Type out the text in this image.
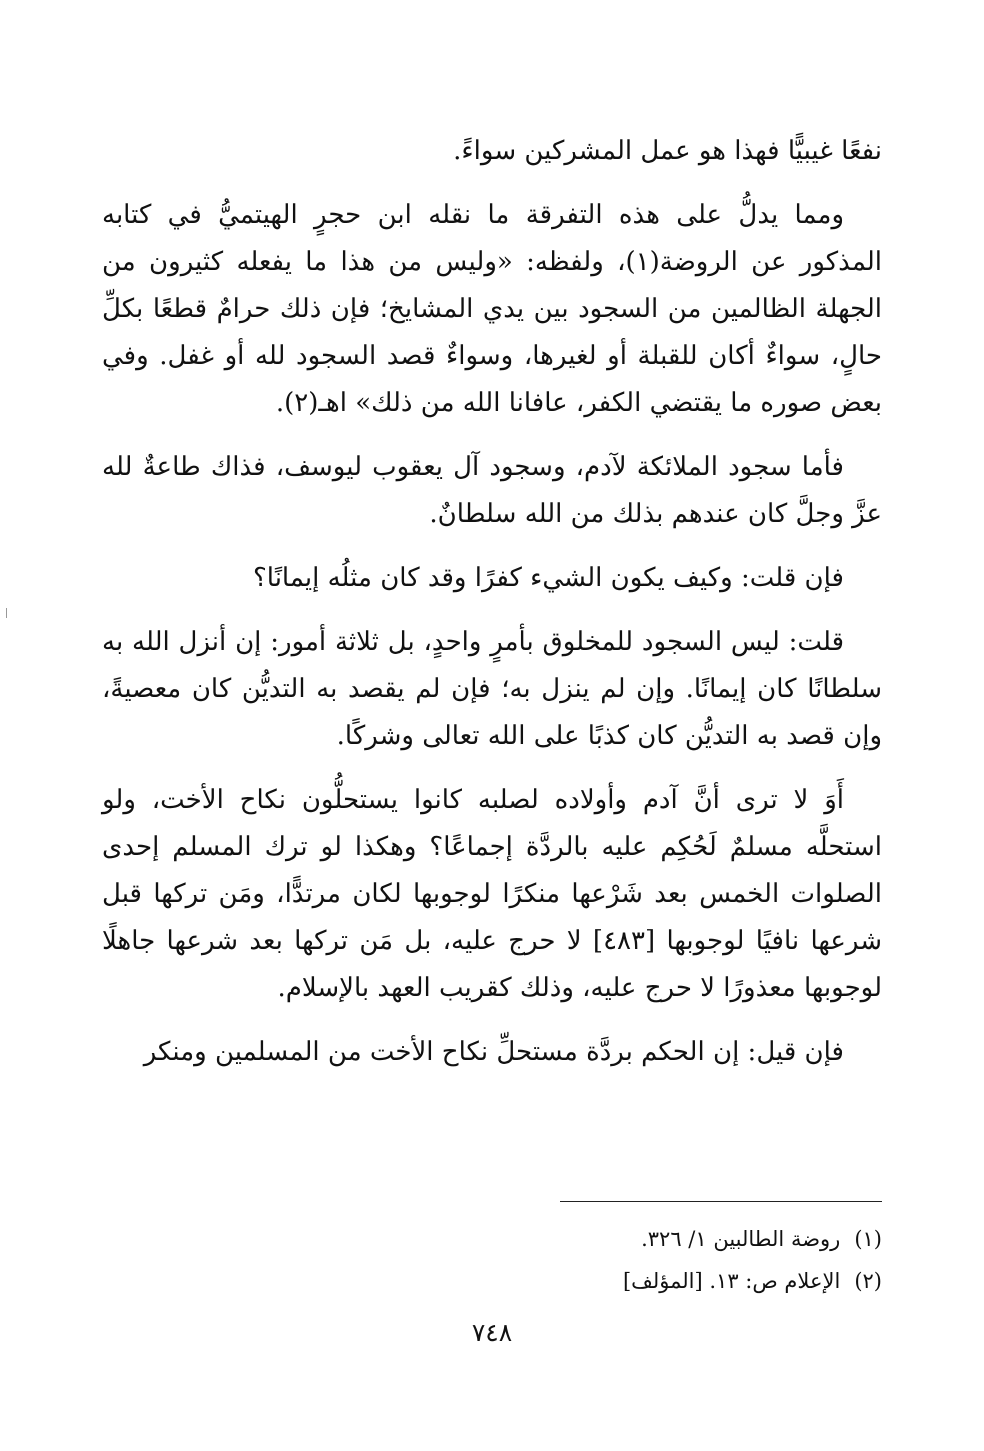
نفعًا غيبيًّا فهذا هو عمل المشركين سواءً.

ومما يدلُّ على هذه التفرقة ما نقله ابن حجرٍ الهيتميُّ في كتابه المذكور عن الروضة(١)، ولفظه: «وليس من هذا ما يفعله كثيرون من الجهلة الظالمين من السجود بين يدي المشايخ؛ فإن ذلك حرامٌ قطعًا بكلِّ حالٍ، سواءٌ أكان للقبلة أو لغيرها، وسواءٌ قصد السجود لله أو غفل. وفي بعض صوره ما يقتضي الكفر، عافانا الله من ذلك» اهـ(٢).

فأما سجود الملائكة لآدم، وسجود آل يعقوب ليوسف، فذاك طاعةٌ لله عزَّ وجلَّ كان عندهم بذلك من الله سلطانٌ.

فإن قلت: وكيف يكون الشيء كفرًا وقد كان مثلُه إيمانًا؟

قلت: ليس السجود للمخلوق بأمرٍ واحدٍ، بل ثلاثة أمور: إن أنزل الله به سلطانًا كان إيمانًا. وإن لم ينزل به؛ فإن لم يقصد به التديُّن كان معصيةً، وإن قصد به التديُّن كان كذبًا على الله تعالى وشركًا.

أَوَ لا ترى أنَّ آدم وأولاده لصلبه كانوا يستحلُّون نكاح الأخت، ولو استحلَّه مسلمٌ لَحُكِم عليه بالردَّة إجماعًا؟ وهكذا لو ترك المسلم إحدى الصلوات الخمس بعد شَرْعها منكرًا لوجوبها لكان مرتدًّا، ومَن تركها قبل شرعها نافيًا لوجوبها [٤٨٣] لا حرج عليه، بل مَن تركها بعد شرعها جاهلًا لوجوبها معذورًا لا حرج عليه، وذلك كقريب العهد بالإسلام.

فإن قيل: إن الحكم بردَّة مستحلِّ نكاح الأخت من المسلمين ومنكر

(١)روضة الطالبين ١/ ٣٢٦.
(٢)الإعلام ص: ١٣. [المؤلف]
٧٤٨
